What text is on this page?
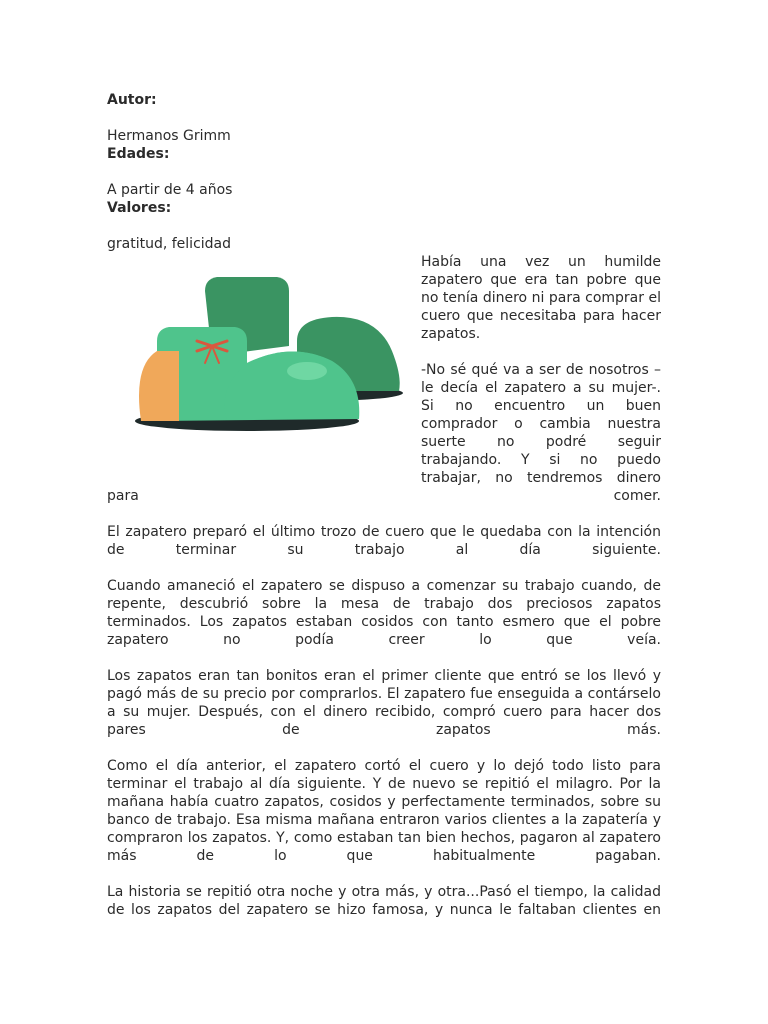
Autor:

Hermanos Grimm

Edades:

A partir de 4 años

Valores:

gratitud, felicidad

Había una vez un humilde zapatero que era tan pobre que no tenía dinero ni para comprar el cuero que necesitaba para hacer zapatos.

-No sé qué va a ser de nosotros – le decía el zapatero a su mujer-. Si no encuentro un buen comprador o cambia nuestra suerte no podré seguir trabajando. Y si no puedo trabajar, no tendremos dinero

para comer.

El zapatero preparó el último trozo de cuero que le quedaba con la intención de terminar su trabajo al día siguiente.

Cuando amaneció el zapatero se dispuso a comenzar su trabajo cuando, de repente, descubrió sobre la mesa de trabajo dos preciosos zapatos terminados. Los zapatos estaban cosidos con tanto esmero que el pobre zapatero no podía creer lo que veía.

Los zapatos eran tan bonitos eran el primer cliente que entró se los llevó y pagó más de su precio por comprarlos. El zapatero fue enseguida a contárselo a su mujer. Después, con el dinero recibido, compró cuero para hacer dos pares de zapatos más.

Como el día anterior, el zapatero cortó el cuero y lo dejó todo listo para terminar el trabajo al día siguiente. Y de nuevo se repitió el milagro. Por la mañana había cuatro zapatos, cosidos y perfectamente terminados, sobre su banco de trabajo. Esa misma mañana entraron varios clientes a la zapatería y compraron los zapatos. Y, como estaban tan bien hechos, pagaron al zapatero más de lo que habitualmente pagaban.

La historia se repitió otra noche y otra más, y otra...Pasó el tiempo, la calidad de los zapatos del zapatero se hizo famosa, y nunca le faltaban clientes en
